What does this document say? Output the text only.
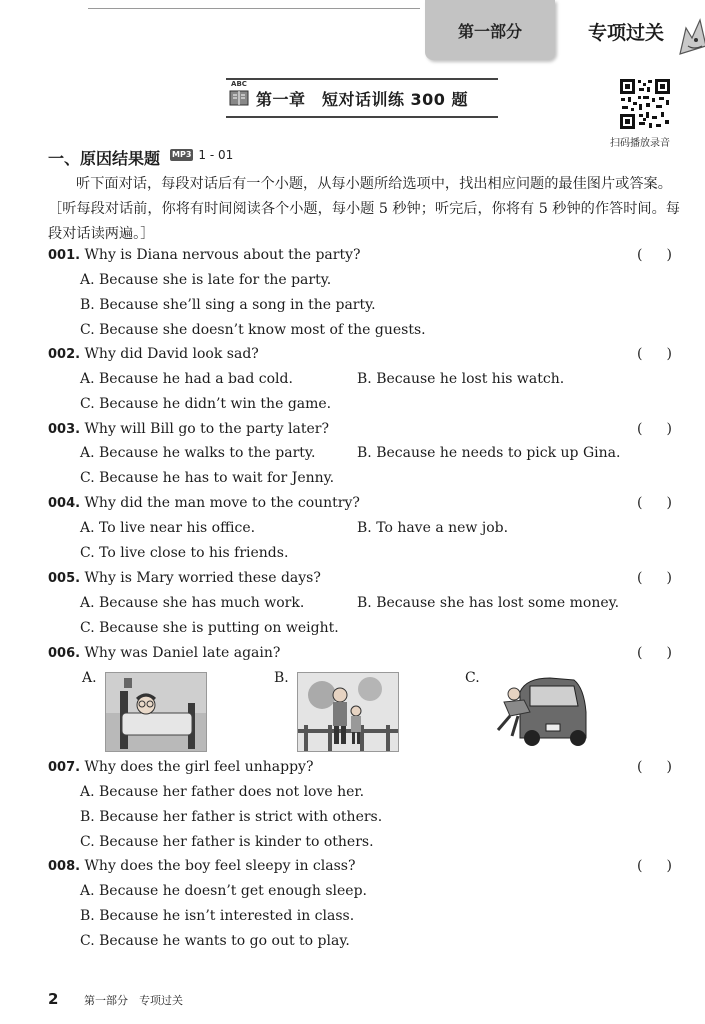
第一部分	专项过关
第一章　短对话训练 300 题
ABC
扫码播放录音
一、原因结果题 MP3 1 - 01

听下面对话，每段对话后有一个小题，从每小题所给选项中，找出相应问题的最佳图片或答案。［听每段对话前，你将有时间阅读各个小题，每小题 5 秒钟；听完后，你将有 5 秒钟的作答时间。每段对话读两遍。］

001. Why is Diana nervous about the party?	()
A. Because she is late for the party.
B. Because she’ll sing a song in the party.
C. Because she doesn’t know most of the guests.
002. Why did David look sad?	()
A. Because he had a bad cold.	B. Because he lost his watch.
C. Because he didn’t win the game.
003. Why will Bill go to the party later?	()
A. Because he walks to the party.	B. Because he needs to pick up Gina.
C. Because he has to wait for Jenny.
004. Why did the man move to the country?	()
A. To live near his office.	B. To have a new job.
C. To live close to his friends.
005. Why is Mary worried these days?	()
A. Because she has much work.	B. Because she has lost some money.
C. Because she is putting on weight.
006. Why was Daniel late again?	()
A.	B.	C.
007. Why does the girl feel unhappy?	()
A. Because her father does not love her.
B. Because her father is strict with others.
C. Because her father is kinder to others.
008. Why does the boy feel sleepy in class?	()
A. Because he doesn’t get enough sleep.
B. Because he isn’t interested in class.
C. Because he wants to go out to play.
2 第一部分　专项过关
